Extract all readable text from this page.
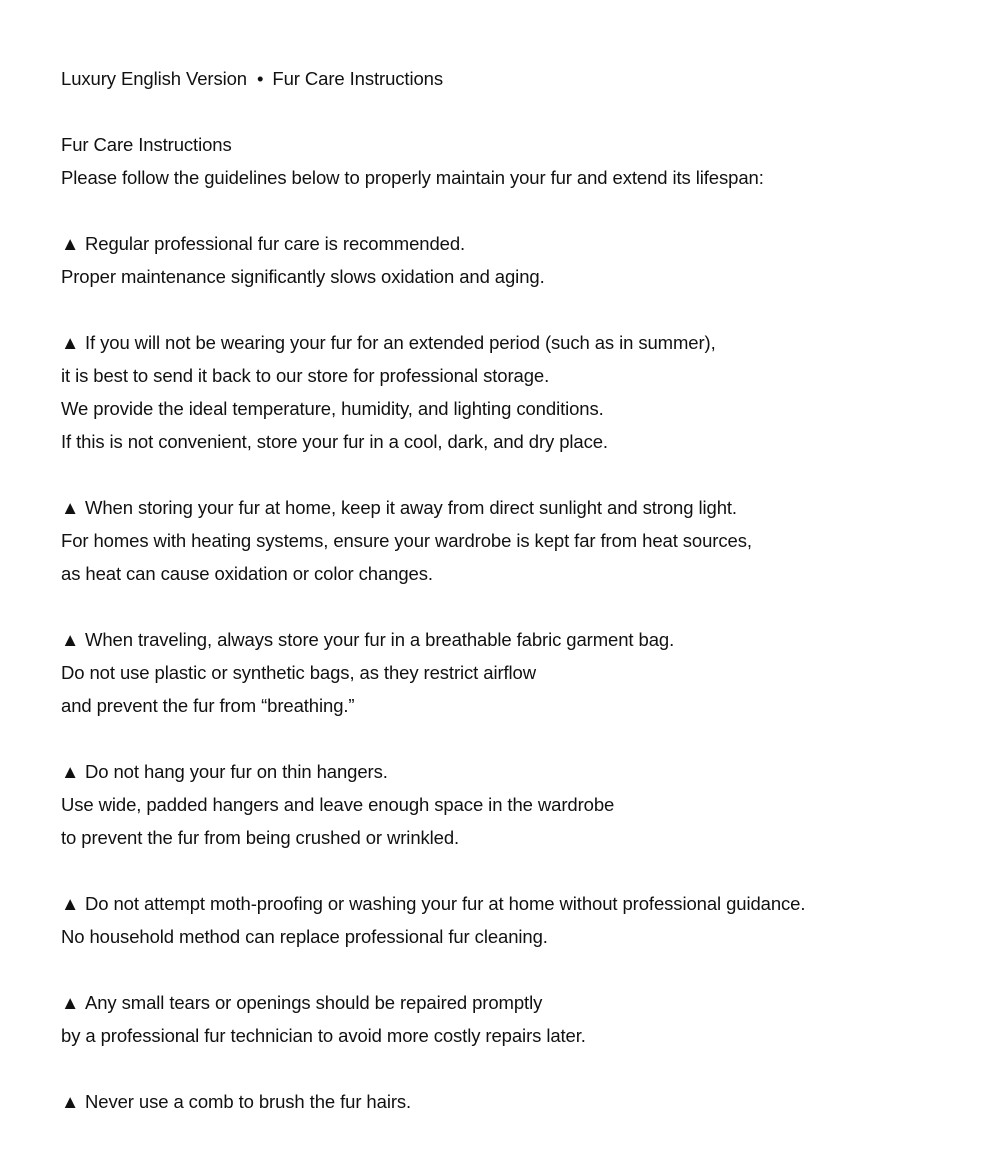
Luxury English Version • Fur Care Instructions
Fur Care Instructions
Please follow the guidelines below to properly maintain your fur and extend its lifespan:
▲ Regular professional fur care is recommended.
Proper maintenance significantly slows oxidation and aging.
▲ If you will not be wearing your fur for an extended period (such as in summer),
it is best to send it back to our store for professional storage.
We provide the ideal temperature, humidity, and lighting conditions.
If this is not convenient, store your fur in a cool, dark, and dry place.
▲ When storing your fur at home, keep it away from direct sunlight and strong light.
For homes with heating systems, ensure your wardrobe is kept far from heat sources,
as heat can cause oxidation or color changes.
▲ When traveling, always store your fur in a breathable fabric garment bag.
Do not use plastic or synthetic bags, as they restrict airflow
and prevent the fur from “breathing.”
▲ Do not hang your fur on thin hangers.
Use wide, padded hangers and leave enough space in the wardrobe
to prevent the fur from being crushed or wrinkled.
▲ Do not attempt moth-proofing or washing your fur at home without professional guidance.
No household method can replace professional fur cleaning.
▲ Any small tears or openings should be repaired promptly
by a professional fur technician to avoid more costly repairs later.
▲ Never use a comb to brush the fur hairs.
